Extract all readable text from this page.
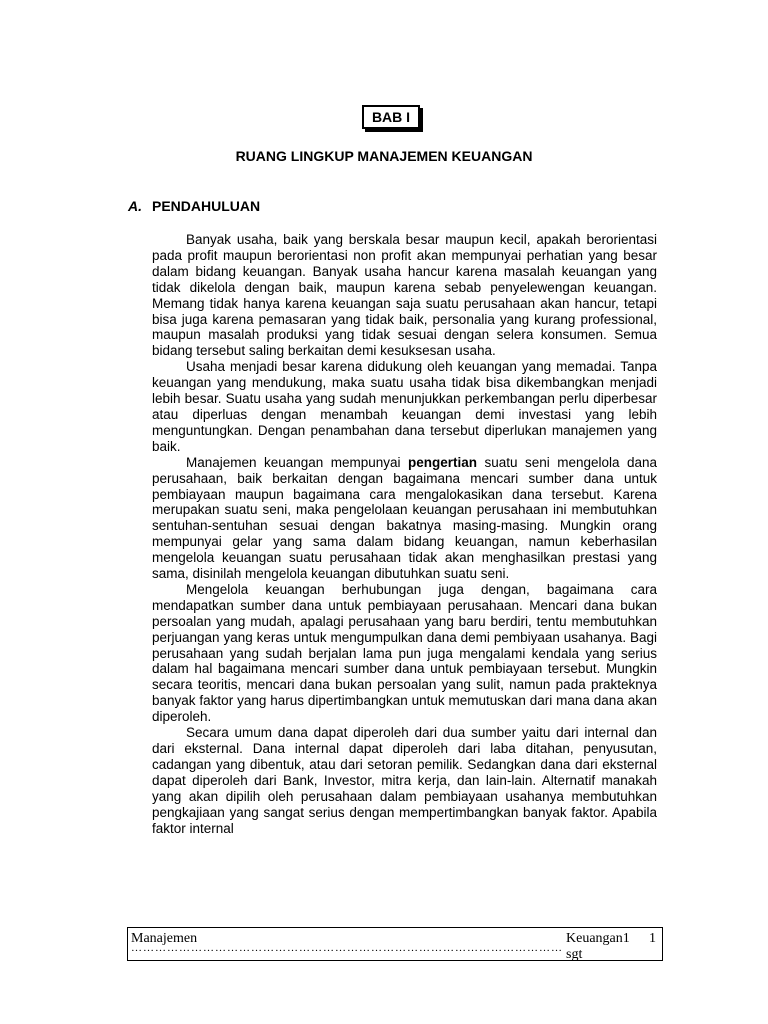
BAB I
RUANG LINGKUP MANAJEMEN KEUANGAN
A. PENDAHULUAN

Banyak usaha, baik yang berskala besar maupun kecil, apakah berorientasi pada profit maupun berorientasi non profit akan mempunyai perhatian yang besar dalam bidang keuangan. Banyak usaha hancur karena masalah keuangan yang tidak dikelola dengan baik, maupun karena sebab penyelewengan keuangan. Memang tidak hanya karena keuangan saja suatu perusahaan akan hancur, tetapi bisa juga karena pemasaran yang tidak baik, personalia yang kurang professional, maupun masalah produksi yang tidak sesuai dengan selera konsumen. Semua bidang tersebut saling berkaitan demi kesuksesan usaha.

Usaha menjadi besar karena didukung oleh keuangan yang memadai. Tanpa keuangan yang mendukung, maka suatu usaha tidak bisa dikembangkan menjadi lebih besar. Suatu usaha yang sudah menunjukkan perkembangan perlu diperbesar atau diperluas dengan menambah keuangan demi investasi yang lebih menguntungkan. Dengan penambahan dana tersebut diperlukan manajemen yang baik.

Manajemen keuangan mempunyai pengertian suatu seni mengelola dana perusahaan, baik berkaitan dengan bagaimana mencari sumber dana untuk pembiayaan maupun bagaimana cara mengalokasikan dana tersebut. Karena merupakan suatu seni, maka pengelolaan keuangan perusahaan ini membutuhkan sentuhan-sentuhan sesuai dengan bakatnya masing-masing. Mungkin orang mempunyai gelar yang sama dalam bidang keuangan, namun keberhasilan mengelola keuangan suatu perusahaan tidak akan menghasilkan prestasi yang sama, disinilah mengelola keuangan dibutuhkan suatu seni.

Mengelola keuangan berhubungan juga dengan, bagaimana cara mendapatkan sumber dana untuk pembiayaan perusahaan. Mencari dana bukan persoalan yang mudah, apalagi perusahaan yang baru berdiri, tentu membutuhkan perjuangan yang keras untuk mengumpulkan dana demi pembiyaan usahanya. Bagi perusahaan yang sudah berjalan lama pun juga mengalami kendala yang serius dalam hal bagaimana mencari sumber dana untuk pembiayaan tersebut. Mungkin secara teoritis, mencari dana bukan persoalan yang sulit, namun pada prakteknya banyak faktor yang harus dipertimbangkan untuk memutuskan dari mana dana akan diperoleh.

Secara umum dana dapat diperoleh dari dua sumber yaitu dari internal dan dari eksternal. Dana internal dapat diperoleh dari laba ditahan, penyusutan, cadangan yang dibentuk, atau dari setoran pemilik. Sedangkan dana dari eksternal dapat diperoleh dari Bank, Investor, mitra kerja, dan lain-lain. Alternatif manakah yang akan dipilih oleh perusahaan dalam pembiayaan usahanya membutuhkan pengkajiaan yang sangat serius dengan mempertimbangkan banyak faktor. Apabila faktor internal

Manajemen
………………………………………………………………………………………………
Keuangan1
sgt
1
